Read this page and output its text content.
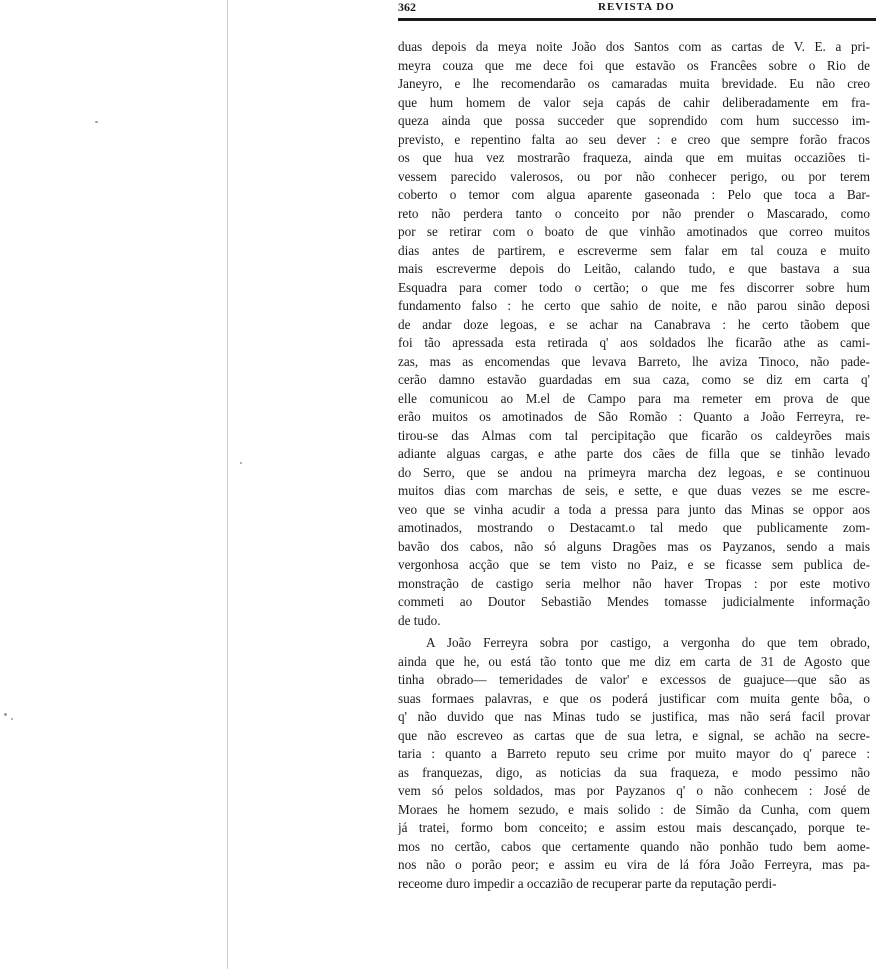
362	REVISTA DO
duas depois da meya noite João dos Santos com as cartas de V. E. a pri-
meyra couza que me dece foi que estavão os Francêes sobre o Rio de
Janeyro, e lhe recomendarão os camaradas muita brevidade. Eu não creo
que hum homem de valor seja capás de cahir deliberadamente em fra-
queza ainda que possa succeder que soprendido com hum successo im-
previsto, e repentino falta ao seu dever : e creo que sempre forão fracos
os que hua vez mostrarão fraqueza, ainda que em muitas occaziões ti-
vessem parecido valerosos, ou por não conhecer perigo, ou por terem
coberto o temor com algua aparente gaseonada : Pelo que toca a Bar-
reto não perdera tanto o conceito por não prender o Mascarado, como
por se retirar com o boato de que vinhão amotinados que correo muitos
dias antes de partirem, e escreverme sem falar em tal couza e muito
mais escreverme depois do Leitão, calando tudo, e que bastava a sua
Esquadra para comer todo o certão; o que me fes discorrer sobre hum
fundamento falso : he certo que sahio de noite, e não parou sinão deposi
de andar doze legoas, e se achar na Canabrava : he certo tãobem que
foi tão apressada esta retirada q' aos soldados lhe ficarão athe as cami-
zas, mas as encomendas que levava Barreto, lhe aviza Tinoco, não pade-
cerão damno estavão guardadas em sua caza, como se diz em carta q'
elle comunicou ao M.el de Campo para ma remeter em prova de que
erão muitos os amotinados de São Romão : Quanto a João Ferreyra, re-
tirou-se das Almas com tal percipitação que ficarão os caldeyrões mais
adiante alguas cargas, e athe parte dos cães de filla que se tinhão levado
do Serro, que se andou na primeyra marcha dez legoas, e se continuou
muitos dias com marchas de seis, e sette, e que duas vezes se me escre-
veo que se vinha acudir a toda a pressa para junto das Minas se oppor aos
amotinados, mostrando o Destacamt.o tal medo que publicamente zom-
bavão dos cabos, não só alguns Dragões mas os Payzanos, sendo a mais
vergonhosa acção que se tem visto no Paiz, e se ficasse sem publica de-
monstração de castigo seria melhor não haver Tropas : por este motivo
commeti ao Doutor Sebastião Mendes tomasse judicialmente informação
de tudo.
A João Ferreyra sobra por castigo, a vergonha do que tem obrado,
ainda que he, ou está tão tonto que me diz em carta de 31 de Agosto que
tinha obrado— temeridades de valor' e excessos de guajuce—que são as
suas formaes palavras, e que os poderá justificar com muita gente bôa, o
q' não duvido que nas Minas tudo se justifica, mas não será facil provar
que não escreveo as cartas que de sua letra, e signal, se achão na secre-
taria : quanto a Barreto reputo seu crime por muito mayor do q' parece :
as franquezas, digo, as noticias da sua fraqueza, e modo pessimo não
vem só pelos soldados, mas por Payzanos q' o não conhecem : José de
Moraes he homem sezudo, e mais solido : de Simão da Cunha, com quem
já tratei, formo bom conceito; e assim estou mais descançado, porque te-
mos no certão, cabos que certamente quando não ponhão tudo bem aome-
nos não o porão peor; e assim eu vira de lá fóra João Ferreyra, mas pa-
receome duro impedir a occazião de recuperar parte da reputação perdi-
